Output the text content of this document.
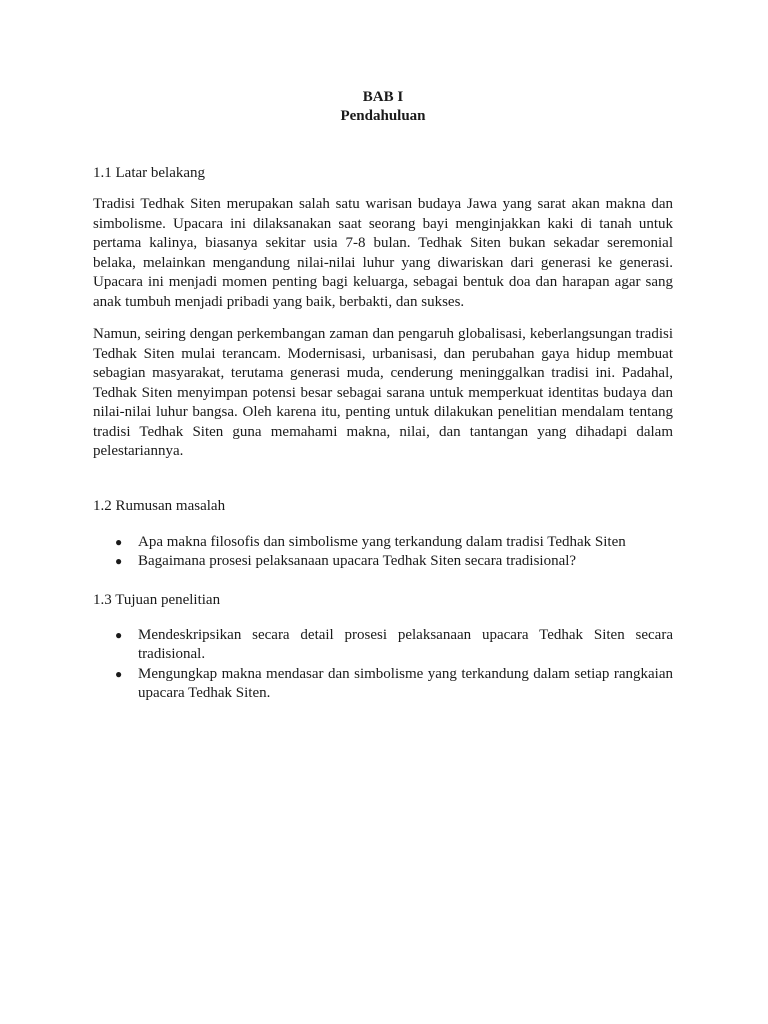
BAB I

Pendahuluan

1.1 Latar belakang

Tradisi Tedhak Siten merupakan salah satu warisan budaya Jawa yang sarat akan makna dan simbolisme. Upacara ini dilaksanakan saat seorang bayi menginjakkan kaki di tanah untuk pertama kalinya, biasanya sekitar usia 7-8 bulan. Tedhak Siten bukan sekadar seremonial belaka, melainkan mengandung nilai-nilai luhur yang diwariskan dari generasi ke generasi. Upacara ini menjadi momen penting bagi keluarga, sebagai bentuk doa dan harapan agar sang anak tumbuh menjadi pribadi yang baik, berbakti, dan sukses.

Namun, seiring dengan perkembangan zaman dan pengaruh globalisasi, keberlangsungan tradisi Tedhak Siten mulai terancam. Modernisasi, urbanisasi, dan perubahan gaya hidup membuat sebagian masyarakat, terutama generasi muda, cenderung meninggalkan tradisi ini. Padahal, Tedhak Siten menyimpan potensi besar sebagai sarana untuk memperkuat identitas budaya dan nilai-nilai luhur bangsa. Oleh karena itu, penting untuk dilakukan penelitian mendalam tentang tradisi Tedhak Siten guna memahami makna, nilai, dan tantangan yang dihadapi dalam pelestariannya.

1.2 Rumusan masalah

● Apa makna filosofis dan simbolisme yang terkandung dalam tradisi Tedhak Siten
● Bagaimana prosesi pelaksanaan upacara Tedhak Siten secara tradisional?

1.3 Tujuan penelitian

● Mendeskripsikan secara detail prosesi pelaksanaan upacara Tedhak Siten secara tradisional.
● Mengungkap makna mendasar dan simbolisme yang terkandung dalam setiap rangkaian upacara Tedhak Siten.
